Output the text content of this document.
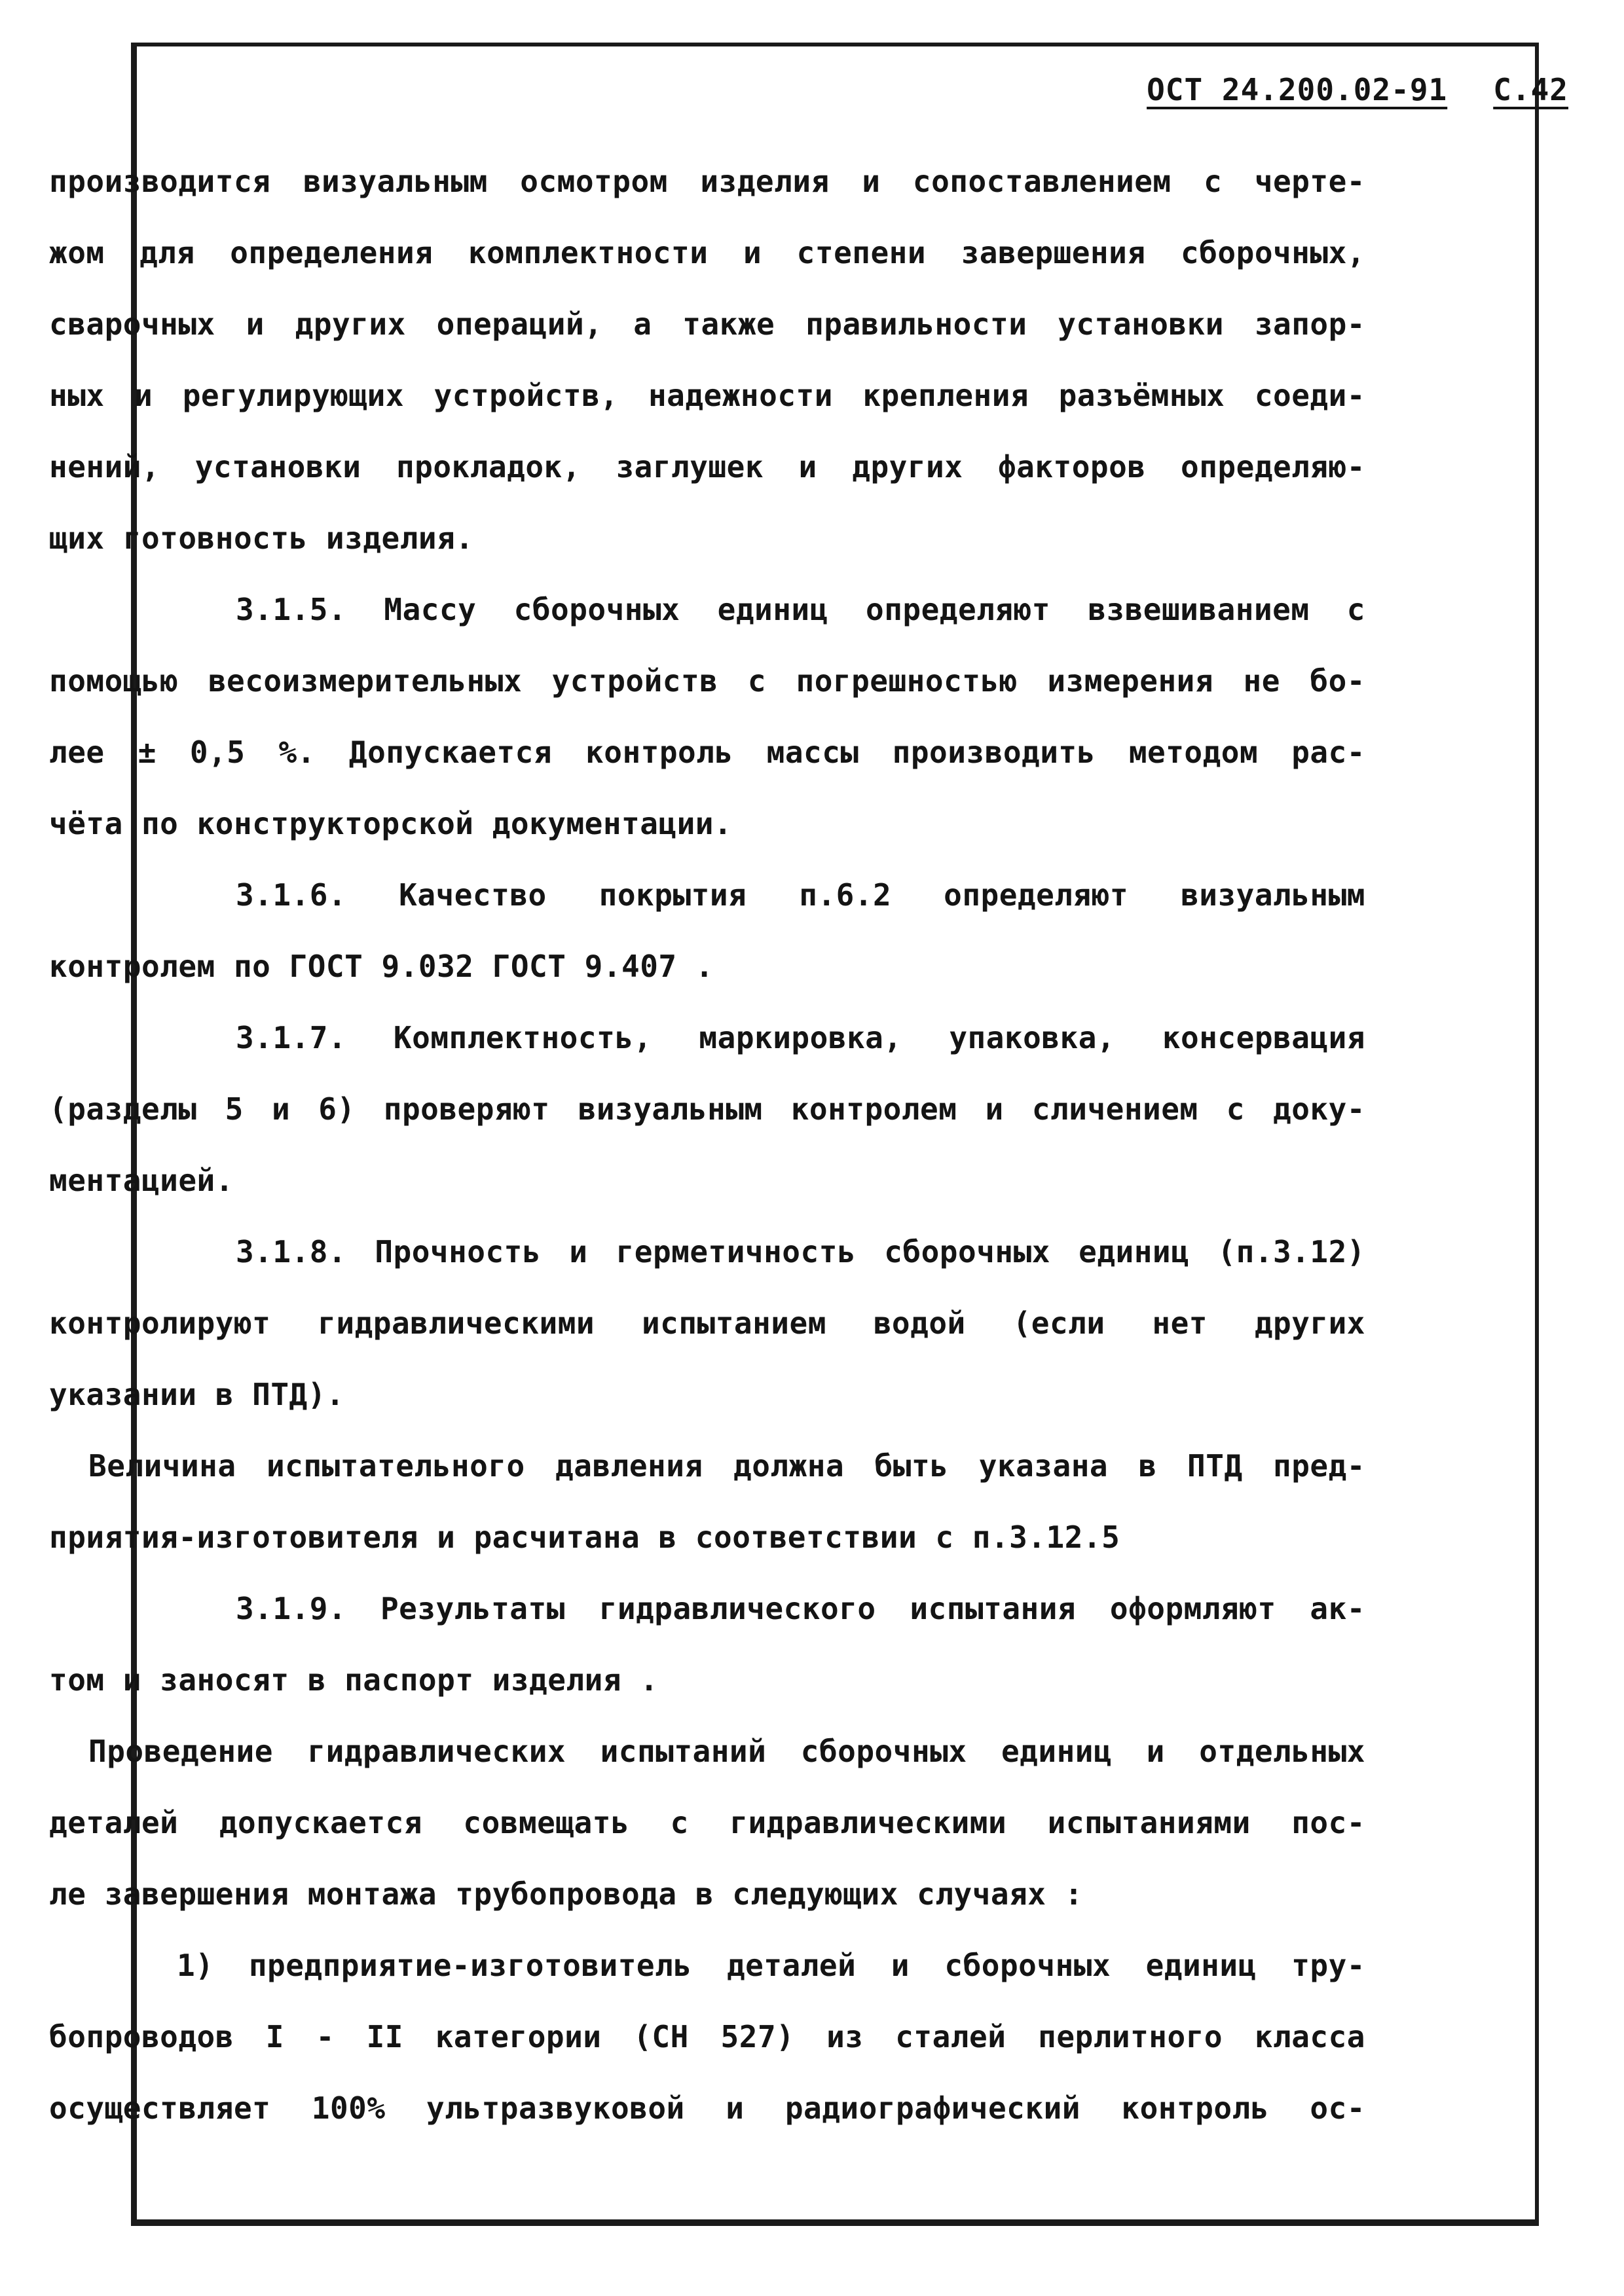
ОСТ 24.200.02-91 С.42
производится визуальным осмотром изделия и сопоставлением с черте-
жом для определения комплектности и степени завершения сборочных,
сварочных и других операций, а также правильности установки запор-
ных и регулирующих устройств, надежности крепления разъёмных соеди-
нений, установки прокладок, заглушек и других факторов определяю-
щих готовность изделия.
3.1.5. Массу сборочных единиц определяют взвешиванием с
помощью весоизмерительных устройств с погрешностью измерения не бо-
лее ± 0,5 %. Допускается контроль массы производить методом рас-
чёта по конструкторской документации.
3.1.6. Качество покрытия п.6.2 определяют визуальным
контролем по ГОСТ 9.032 ГОСТ 9.407 .
3.1.7. Комплектность, маркировка, упаковка, консервация
(разделы 5 и 6) проверяют визуальным контролем и сличением с доку-
ментацией.
3.1.8. Прочность и герметичность сборочных единиц (п.3.12)
контролируют гидравлическими испытанием водой (если нет других
указании в ПТД).
Величина испытательного давления должна быть указана в ПТД пред-
приятия-изготовителя и расчитана в соответствии с п.3.12.5
3.1.9. Результаты гидравлического испытания оформляют ак-
том и заносят в паспорт изделия .
Проведение гидравлических испытаний сборочных единиц и отдельных
деталей допускается совмещать с гидравлическими испытаниями пос-
ле завершения монтажа трубопровода в следующих случаях :
1) предприятие-изготовитель деталей и сборочных единиц тру-
бопроводов I - II категории (СН 527) из сталей перлитного класса
осуществляет 100% ультразвуковой и радиографический контроль ос-
